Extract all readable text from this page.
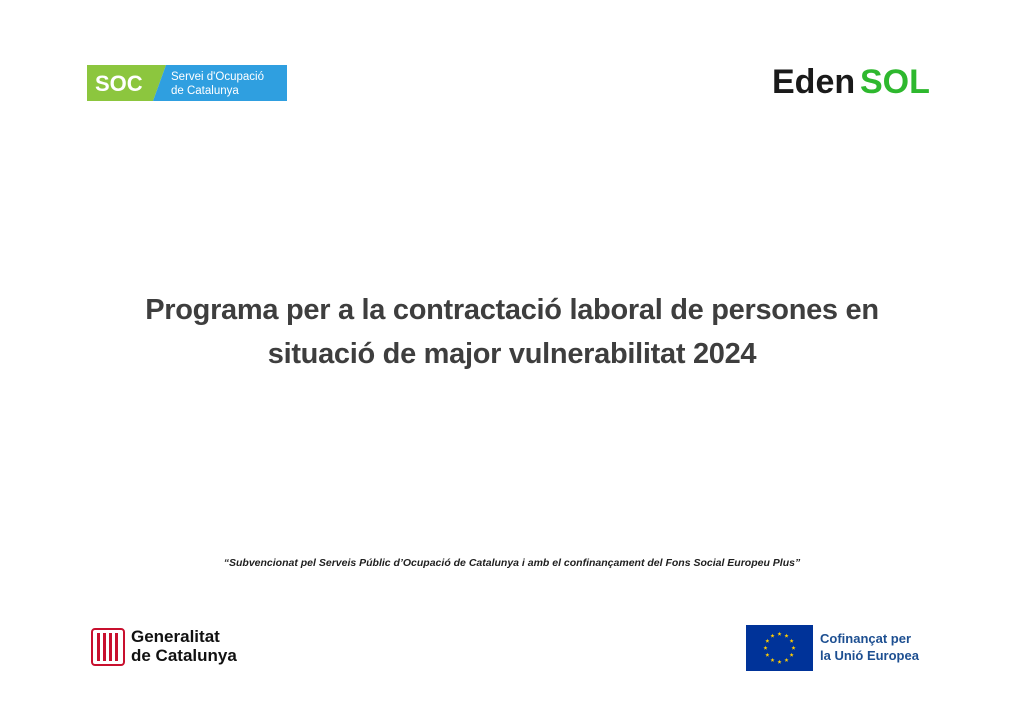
SOC Servei d'Ocupació
de Catalunya	Eden SOL
Programa per a la contractació laboral de persones en
situació de major vulnerabilitat 2024

“Subvencionat pel Serveis Públic d’Ocupació de Catalunya i amb el confinançament del Fons Social Europeu Plus”

Generalitat
de Catalunya
Cofinançat per
la Unió Europea
